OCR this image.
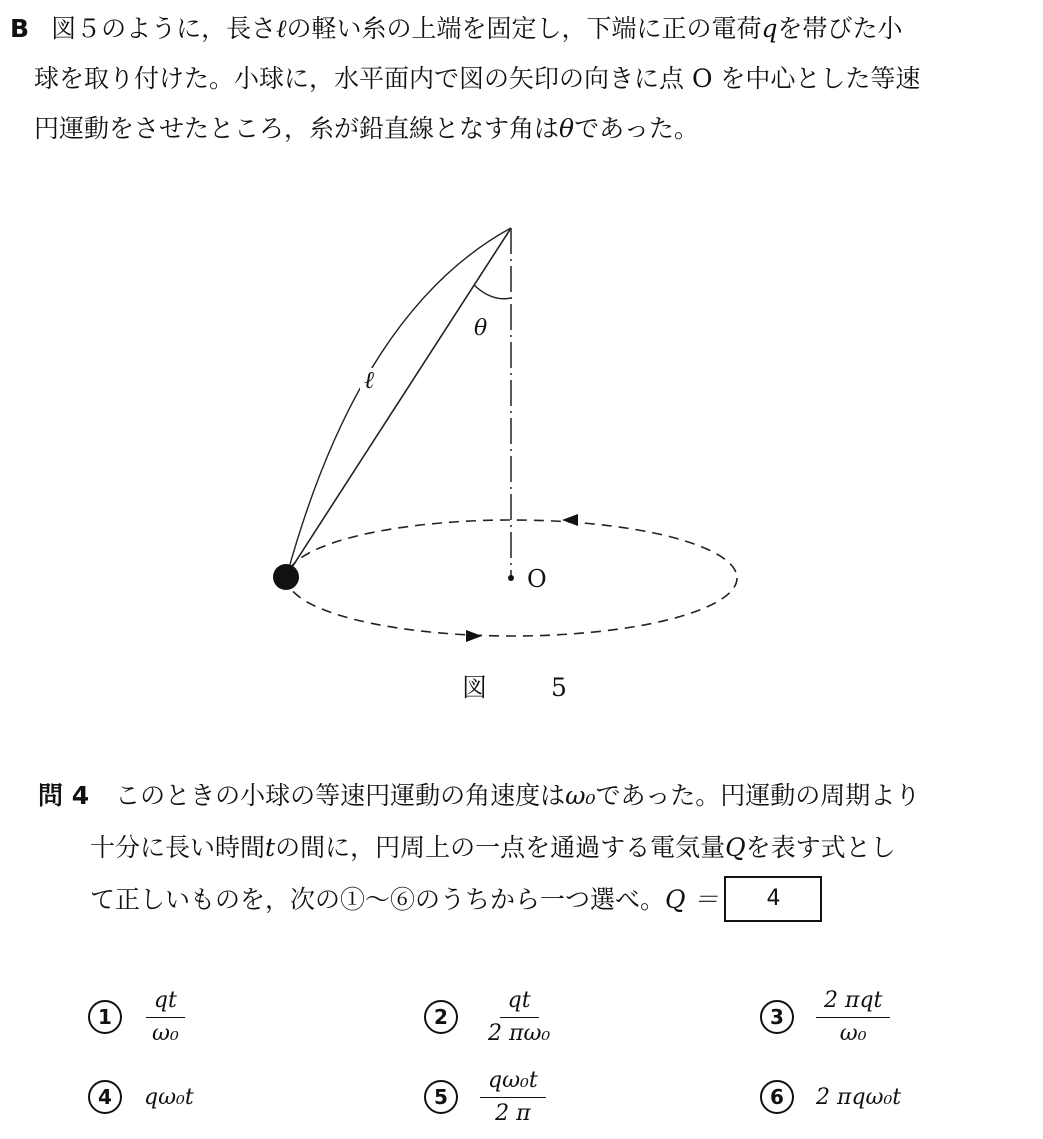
B 図５のように，長さℓの軽い糸の上端を固定し，下端に正の電荷qを帯びた小
球を取り付けた。小球に，水平面内で図の矢印の向きに点 O を中心とした等速
円運動をさせたところ，糸が鉛直線となす角はθであった。
ℓ
θ
O
図 5
問 4 このときの小球の等速円運動の角速度はω₀であった。円運動の周期より
十分に長い時間tの間に，円周上の一点を通過する電気量Qを表す式とし
て正しいものを，次の①～⑥のうちから一つ選べ。Q ＝ 4
1	$\frac{qt}{\text{ω₀}}$	2	$\frac{qt}{\text{2 πω₀}}$	3	$\frac{\text{2 πqt}}{\text{ω₀}}$
4	qω₀t	5	$\frac{\text{qω₀t}}{2 \pi}$	6	2 πqω₀t
